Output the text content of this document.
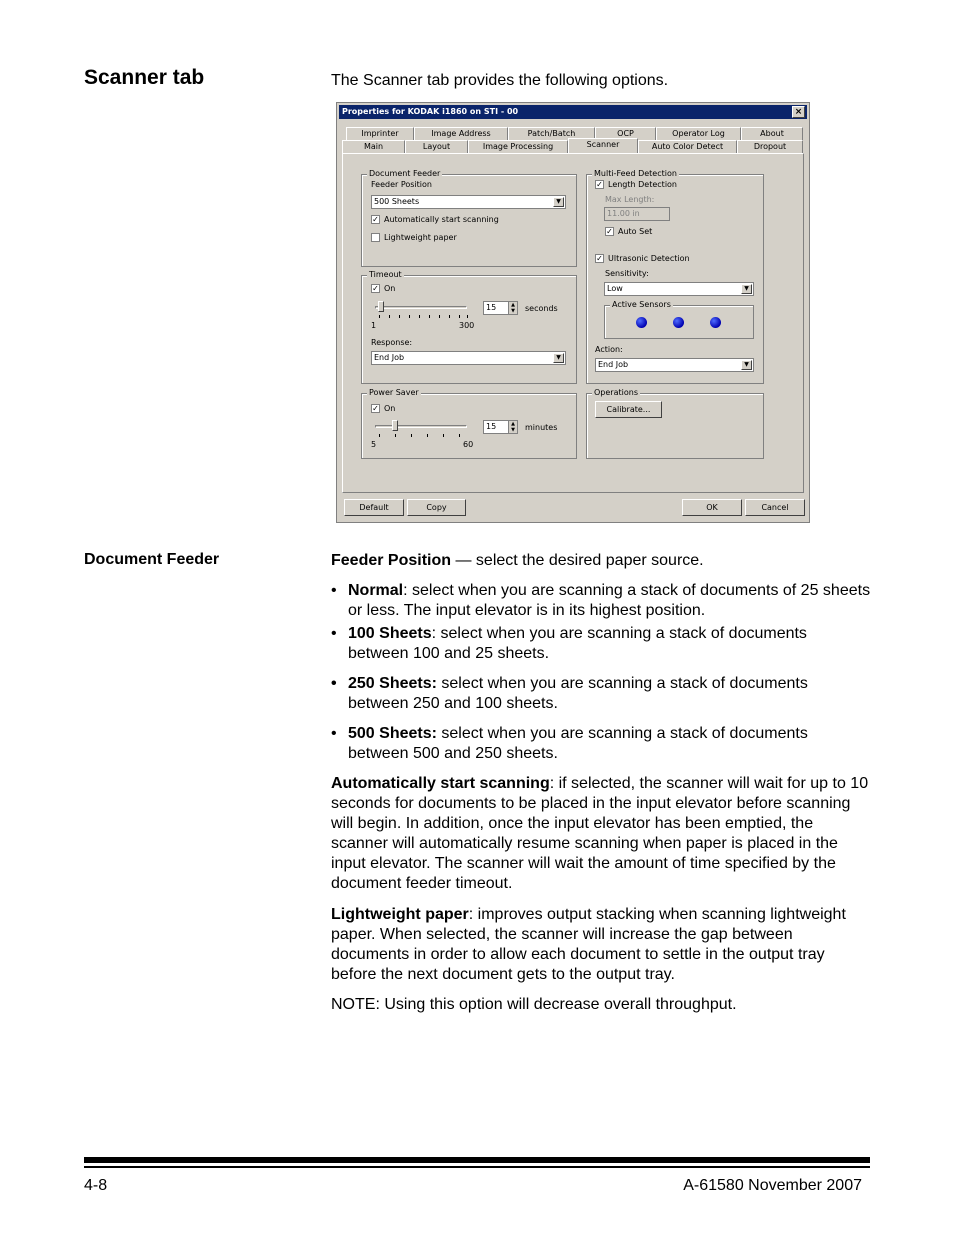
Scanner tab	The Scanner tab provides the following options.
Properties for KODAK i1860 on STI - 00	×
Imprinter	Image Address	Patch/Batch	OCP	Operator Log	About
Main	Layout	Image Processing	Scanner	Auto Color Detect	Dropout
Document Feeder
Feeder Position
500 Sheets	▼
✓ Automatically start scanning
Lightweight paper
Timeout
✓ On
1	300
15	▲
▼ seconds
Response:
End Job	▼
Power Saver
✓ On
5	60
15	▲
▼ minutes
Multi-Feed Detection
✓ Length Detection
Max Length:
11.00 in
✓ Auto Set
✓ Ultrasonic Detection
Sensitivity:
Low	▼
Active Sensors
Action:
End Job	▼
Operations
Calibrate...
Default	Copy	OK	Cancel
Document Feeder	Feeder Position — select the desired paper source.

• Normal: select when you are scanning a stack of documents of 25 sheets or less. The input elevator is in its highest position.
• 100 Sheets: select when you are scanning a stack of documents between 100 and 25 sheets.
• 250 Sheets: select when you are scanning a stack of documents between 250 and 100 sheets.
• 500 Sheets: select when you are scanning a stack of documents between 500 and 250 sheets.

Automatically start scanning: if selected, the scanner will wait for up to 10 seconds for documents to be placed in the input elevator before scanning will begin. In addition, once the input elevator has been emptied, the scanner will automatically resume scanning when paper is placed in the input elevator. The scanner will wait the amount of time specified by the document feeder timeout.

Lightweight paper: improves output stacking when scanning lightweight paper. When selected, the scanner will increase the gap between documents in order to allow each document to settle in the output tray before the next document gets to the output tray.

NOTE: Using this option will decrease overall throughput.
4-8	A-61580 November 2007
